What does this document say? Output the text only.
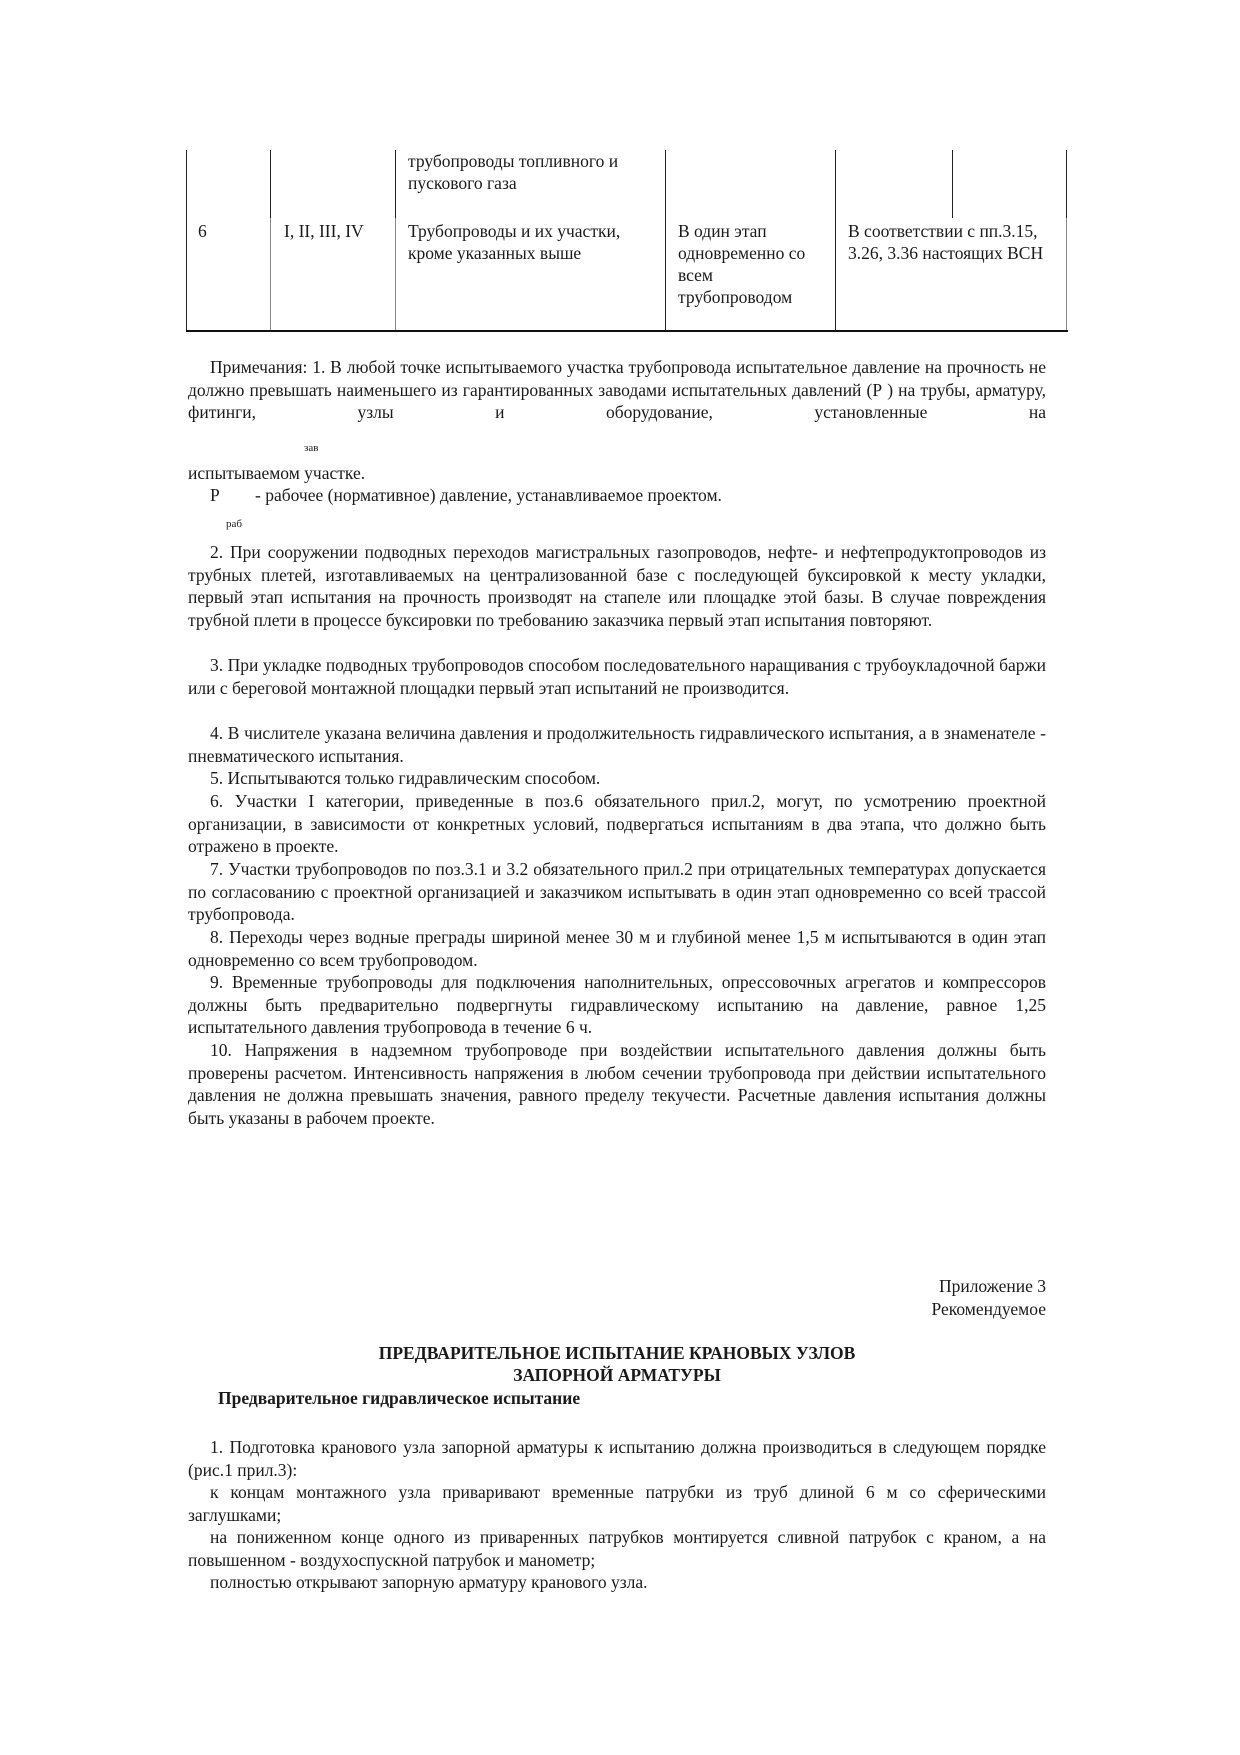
трубопроводы топливного и пускового газа
6	I, II, III, IV	Трубопроводы и их участки, кроме указанных выше
В один этап одновременно со всем трубопроводом
В соответствии с пп.3.15, 3.26, 3.36 настоящих ВСН
Примечания: 1. В любой точке испытываемого участка трубопровода испытательное давление на прочность не должно превышать наименьшего из гарантированных заводами испытательных давлений (Р ) на трубы, арматуру, фитинги, узлы и оборудование, установленные на
зав
испытываемом участке.
Р - рабочее (нормативное) давление, устанавливаемое проектом.
раб
2. При сооружении подводных переходов магистральных газопроводов, нефте- и нефтепродуктопроводов из трубных плетей, изготавливаемых на централизованной базе с последующей буксировкой к месту укладки, первый этап испытания на прочность производят на стапеле или площадке этой базы. В случае повреждения трубной плети в процессе буксировки по требованию заказчика первый этап испытания повторяют.
3. При укладке подводных трубопроводов способом последовательного наращивания с трубоукладочной баржи или с береговой монтажной площадки первый этап испытаний не производится.
4. В числителе указана величина давления и продолжительность гидравлического испытания, а в знаменателе - пневматического испытания.
5. Испытываются только гидравлическим способом.
6. Участки I категории, приведенные в поз.6 обязательного прил.2, могут, по усмотрению проектной организации, в зависимости от конкретных условий, подвергаться испытаниям в два этапа, что должно быть отражено в проекте.
7. Участки трубопроводов по поз.3.1 и 3.2 обязательного прил.2 при отрицательных температурах допускается по согласованию с проектной организацией и заказчиком испытывать в один этап одновременно со всей трассой трубопровода.
8. Переходы через водные преграды шириной менее 30 м и глубиной менее 1,5 м испытываются в один этап одновременно со всем трубопроводом.
9. Временные трубопроводы для подключения наполнительных, опрессовочных агрегатов и компрессоров должны быть предварительно подвергнуты гидравлическому испытанию на давление, равное 1,25 испытательного давления трубопровода в течение 6 ч.
10. Напряжения в надземном трубопроводе при воздействии испытательного давления должны быть проверены расчетом. Интенсивность напряжения в любом сечении трубопровода при действии испытательного давления не должна превышать значения, равного пределу текучести. Расчетные давления испытания должны быть указаны в рабочем проекте.
Приложение 3
Рекомендуемое
ПРЕДВАРИТЕЛЬНОЕ ИСПЫТАНИЕ КРАНОВЫХ УЗЛОВ
ЗАПОРНОЙ АРМАТУРЫ
Предварительное гидравлическое испытание
1. Подготовка кранового узла запорной арматуры к испытанию должна производиться в следующем порядке (рис.1 прил.3):
к концам монтажного узла приваривают временные патрубки из труб длиной 6 м со сферическими заглушками;
на пониженном конце одного из приваренных патрубков монтируется сливной патрубок с краном, а на повышенном - воздухоспускной патрубок и манометр;
полностью открывают запорную арматуру кранового узла.
